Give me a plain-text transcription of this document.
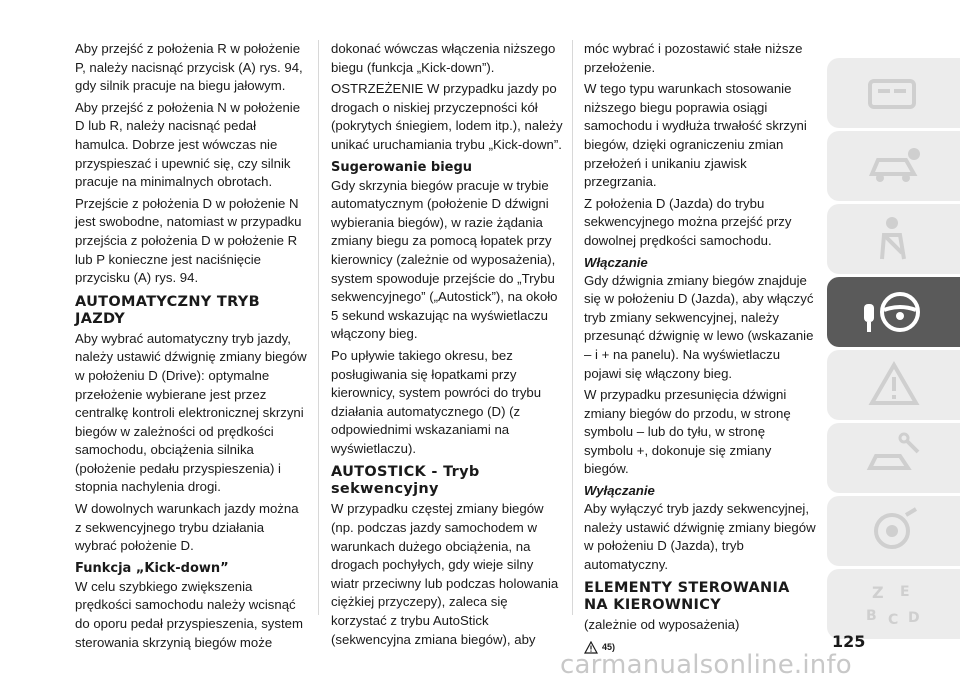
Aby przejść z położenia R w położenie P, należy nacisnąć przycisk (A) rys. 94, gdy silnik pracuje na biegu jałowym.

Aby przejść z położenia N w położenie D lub R, należy nacisnąć pedał hamulca. Dobrze jest wówczas nie przyspieszać i upewnić się, czy silnik pracuje na minimalnych obrotach.

Przejście z położenia D w położenie N jest swobodne, natomiast w przypadku przejścia z położenia D w położenie R lub P konieczne jest naciśnięcie przycisku (A) rys. 94.

AUTOMATYCZNY TRYB JAZDY

Aby wybrać automatyczny tryb jazdy, należy ustawić dźwignię zmiany biegów w położeniu D (Drive): optymalne przełożenie wybierane jest przez centralkę kontroli elektronicznej skrzyni biegów w zależności od prędkości samochodu, obciążenia silnika (położenie pedału przyspieszenia) i stopnia nachylenia drogi.

W dowolnych warunkach jazdy można z sekwencyjnego trybu działania wybrać położenie D.

Funkcja „Kick-down”

W celu szybkiego zwiększenia prędkości samochodu należy wcisnąć do oporu pedał przyspieszenia, system sterowania skrzynią biegów może

dokonać wówczas włączenia niższego biegu (funkcja „Kick-down”).

OSTRZEŻENIE W przypadku jazdy po drogach o niskiej przyczepności kół (pokrytych śniegiem, lodem itp.), należy unikać uruchamiania trybu „Kick-down”.

Sugerowanie biegu

Gdy skrzynia biegów pracuje w trybie automatycznym (położenie D dźwigni wybierania biegów), w razie żądania zmiany biegu za pomocą łopatek przy kierownicy (zależnie od wyposażenia), system spowoduje przejście do „Trybu sekwencyjnego” („Autostick”), na około 5 sekund wskazując na wyświetlaczu włączony bieg.

Po upływie takiego okresu, bez posługiwania się łopatkami przy kierownicy, system powróci do trybu działania automatycznego (D) (z odpowiednimi wskazaniami na wyświetlaczu).

AUTOSTICK - Tryb sekwencyjny

W przypadku częstej zmiany biegów (np. podczas jazdy samochodem w warunkach dużego obciążenia, na drogach pochyłych, gdy wieje silny wiatr przeciwny lub podczas holowania ciężkiej przyczepy), zaleca się korzystać z trybu AutoStick (sekwencyjna zmiana biegów), aby

móc wybrać i pozostawić stałe niższe przełożenie.

W tego typu warunkach stosowanie niższego biegu poprawia osiągi samochodu i wydłuża trwałość skrzyni biegów, dzięki ograniczeniu zmian przełożeń i unikaniu zjawisk przegrzania.

Z położenia D (Jazda) do trybu sekwencyjnego można przejść przy dowolnej prędkości samochodu.

Włączanie

Gdy dźwignia zmiany biegów znajduje się w położeniu D (Jazda), aby włączyć tryb zmiany sekwencyjnej, należy przesunąć dźwignię w lewo (wskazanie – i + na panelu). Na wyświetlaczu pojawi się włączony bieg.

W przypadku przesunięcia dźwigni zmiany biegów do przodu, w stronę symbolu – lub do tyłu, w stronę symbolu +, dokonuje się zmiany biegów.

Wyłączanie

Aby wyłączyć tryb jazdy sekwencyjnej, należy ustawić dźwignię zmiany biegów w położeniu D (Jazda), tryb automatyczny.

ELEMENTY STEROWANIA NA KIEROWNICY

(zależnie od wyposażenia)

45)
Z E
B C D
125
carmanualsonline.info
